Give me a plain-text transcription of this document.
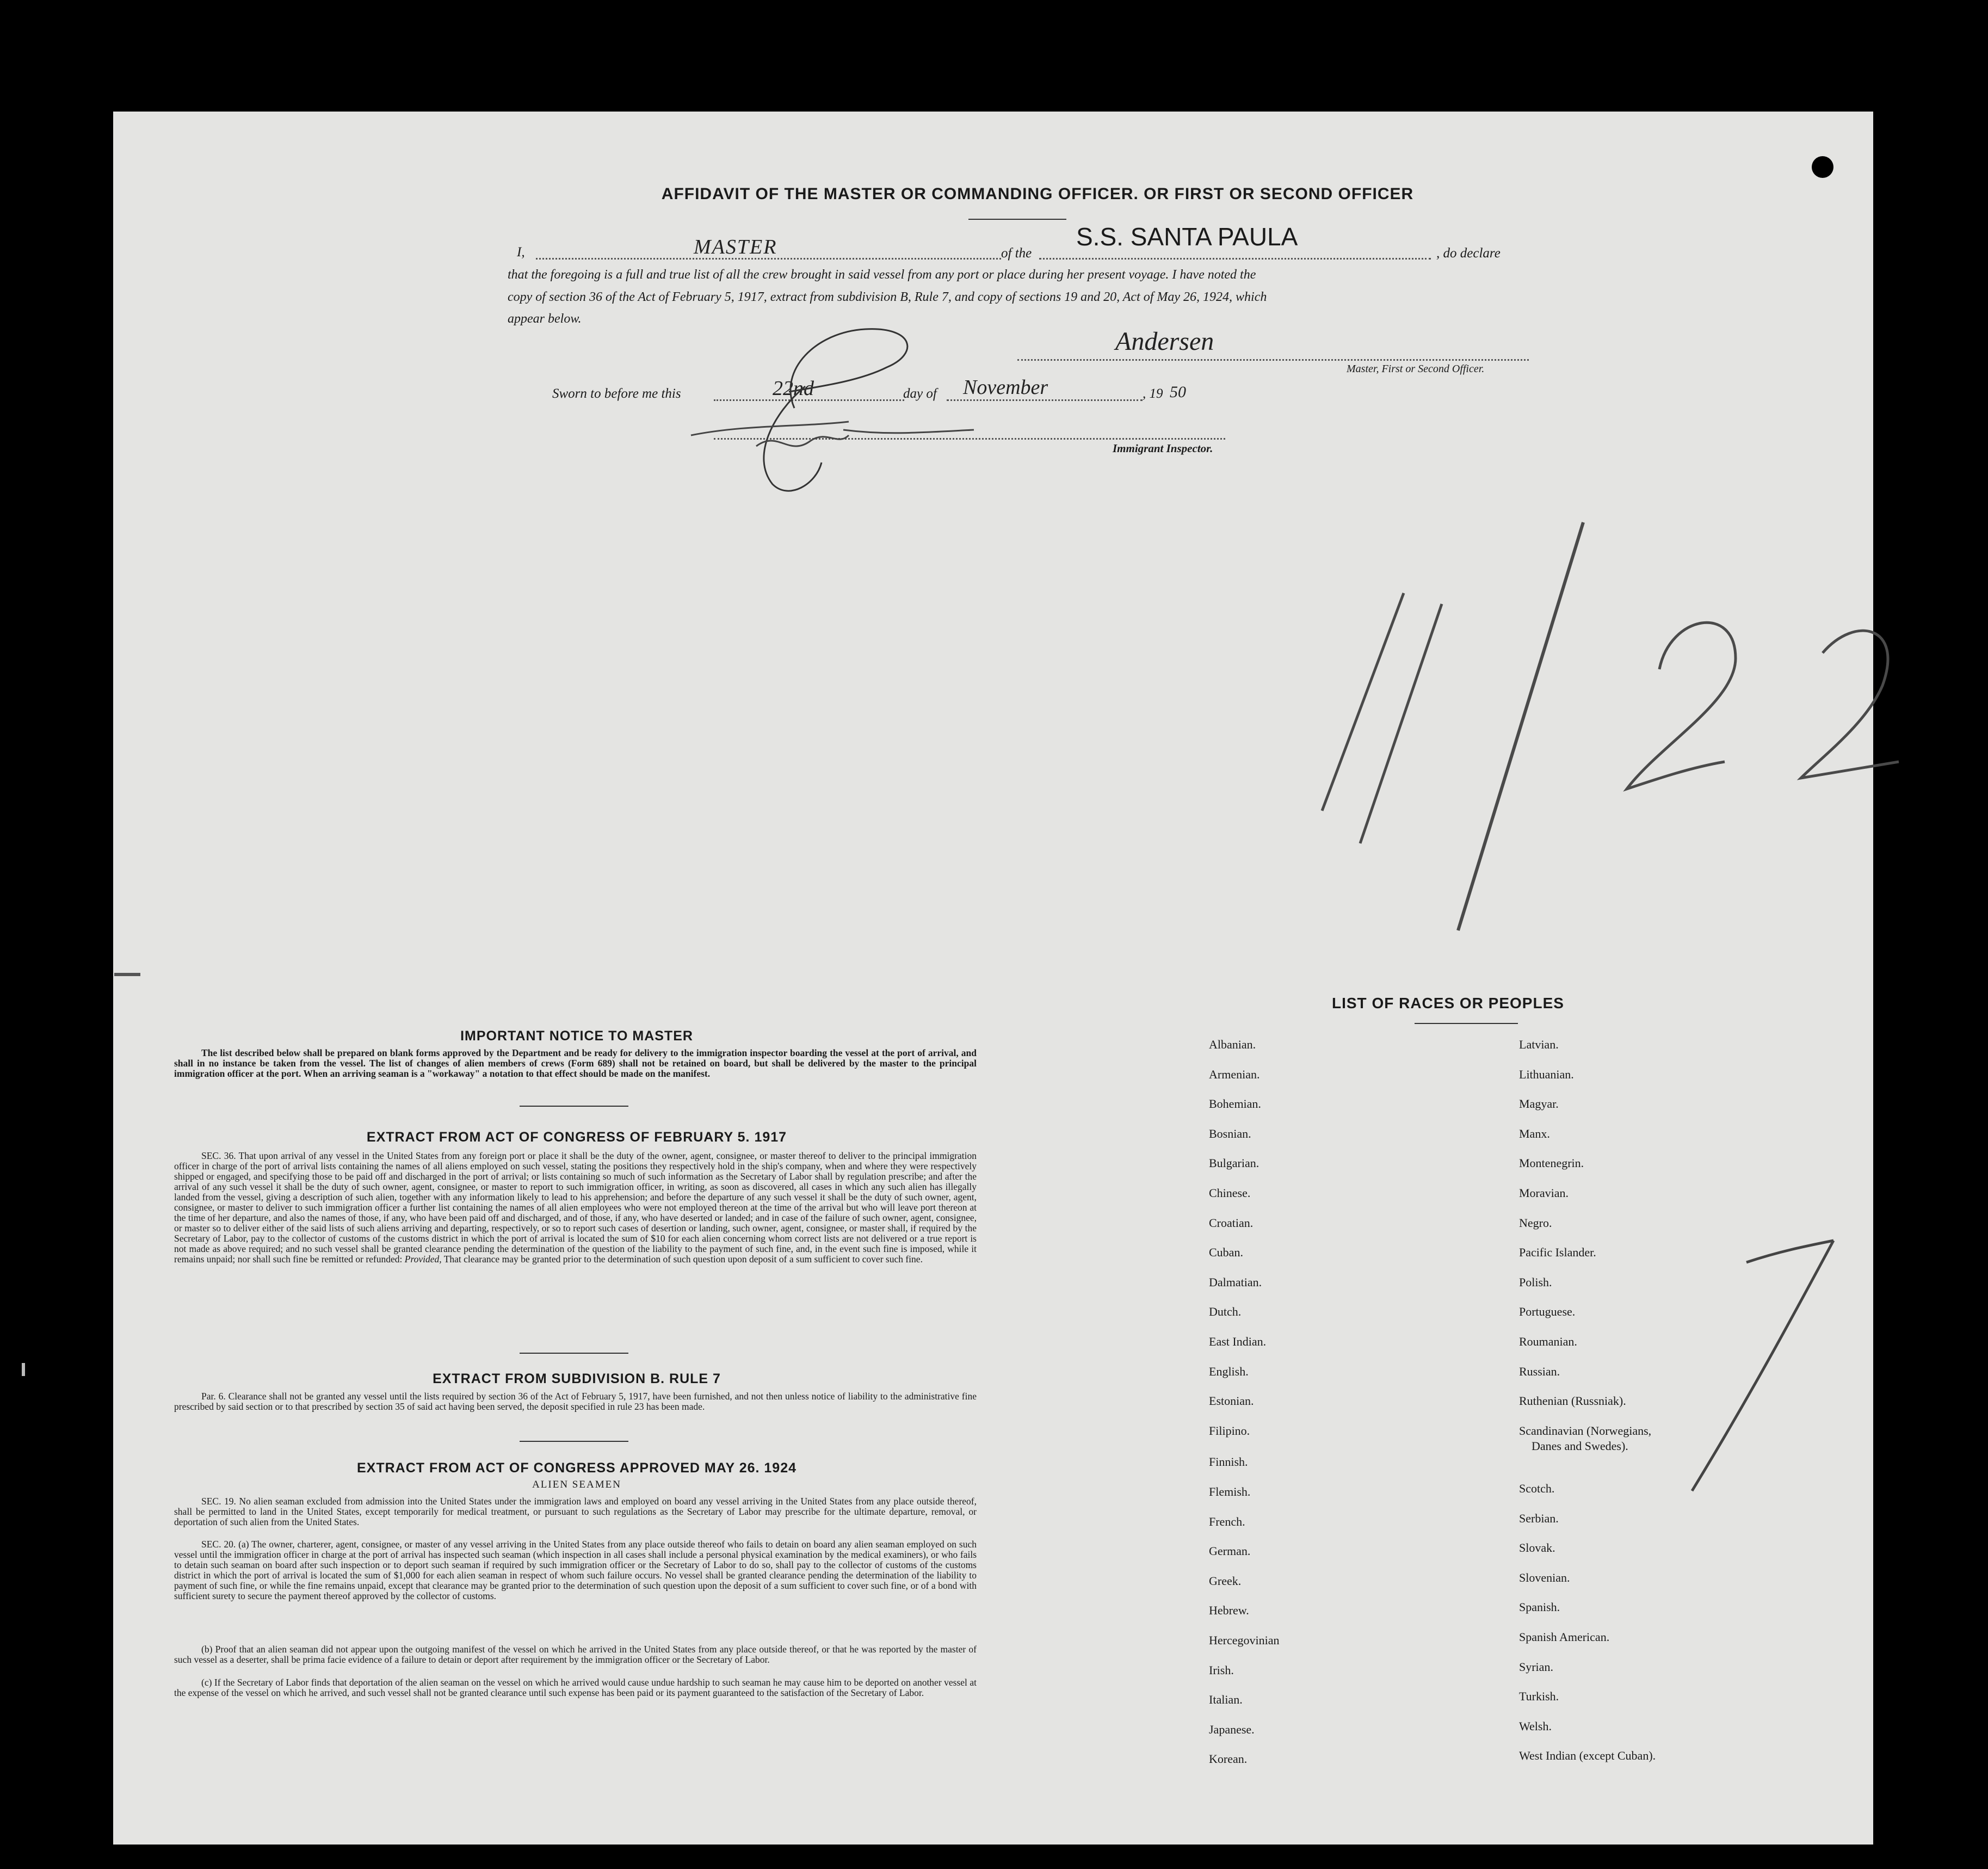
AFFIDAVIT OF THE MASTER OR COMMANDING OFFICER. OR FIRST OR SECOND OFFICER
I,	MASTER	of the
S.S. SANTA PAULA
, do declare
that the foregoing is a full and true list of all the crew brought in said vessel from any port or place during her present voyage. I have noted the
copy of section 36 of the Act of February 5, 1917, extract from subdivision B, Rule 7, and copy of sections 19 and 20, Act of May 26, 1924, which
appear below.
Andersen
Master, First or Second Officer.
Sworn to before me this	22nd	day of November	, 19 50
Immigrant Inspector.
IMPORTANT NOTICE TO MASTER
The list described below shall be prepared on blank forms approved by the Department and be ready for delivery to the immigration inspector boarding the vessel at the port of arrival, and shall in no instance be taken from the vessel. The list of changes of alien members of crews (Form 689) shall not be retained on board, but shall be delivered by the master to the principal immigration officer at the port. When an arriving seaman is a "workaway" a notation to that effect should be made on the manifest.
EXTRACT FROM ACT OF CONGRESS OF FEBRUARY 5. 1917
SEC. 36. That upon arrival of any vessel in the United States from any foreign port or place it shall be the duty of the owner, agent, consignee, or master thereof to deliver to the principal immigration officer in charge of the port of arrival lists containing the names of all aliens employed on such vessel, stating the positions they respectively hold in the ship's company, when and where they were respectively shipped or engaged, and specifying those to be paid off and discharged in the port of arrival; or lists containing so much of such information as the Secretary of Labor shall by regulation prescribe; and after the arrival of any such vessel it shall be the duty of such owner, agent, consignee, or master to report to such immigration officer, in writing, as soon as discovered, all cases in which any such alien has illegally landed from the vessel, giving a description of such alien, together with any information likely to lead to his apprehension; and before the departure of any such vessel it shall be the duty of such owner, agent, consignee, or master to deliver to such immigration officer a further list containing the names of all alien employees who were not employed thereon at the time of the arrival but who will leave port thereon at the time of her departure, and also the names of those, if any, who have been paid off and discharged, and of those, if any, who have deserted or landed; and in case of the failure of such owner, agent, consignee, or master so to deliver either of the said lists of such aliens arriving and departing, respectively, or so to report such cases of desertion or landing, such owner, agent, consignee, or master shall, if required by the Secretary of Labor, pay to the collector of customs of the customs district in which the port of arrival is located the sum of $10 for each alien concerning whom correct lists are not delivered or a true report is not made as above required; and no such vessel shall be granted clearance pending the determination of the question of the liability to the payment of such fine, and, in the event such fine is imposed, while it remains unpaid; nor shall such fine be remitted or refunded: Provided, That clearance may be granted prior to the determination of such question upon deposit of a sum sufficient to cover such fine.
EXTRACT FROM SUBDIVISION B. RULE 7
Par. 6. Clearance shall not be granted any vessel until the lists required by section 36 of the Act of February 5, 1917, have been furnished, and not then unless notice of liability to the administrative fine prescribed by said section or to that prescribed by section 35 of said act having been served, the deposit specified in rule 23 has been made.
EXTRACT FROM ACT OF CONGRESS APPROVED MAY 26. 1924
ALIEN SEAMEN
SEC. 19. No alien seaman excluded from admission into the United States under the immigration laws and employed on board any vessel arriving in the United States from any place outside thereof, shall be permitted to land in the United States, except temporarily for medical treatment, or pursuant to such regulations as the Secretary of Labor may prescribe for the ultimate departure, removal, or deportation of such alien from the United States.
SEC. 20. (a) The owner, charterer, agent, consignee, or master of any vessel arriving in the United States from any place outside thereof who fails to detain on board any alien seaman employed on such vessel until the immigration officer in charge at the port of arrival has inspected such seaman (which inspection in all cases shall include a personal physical examination by the medical examiners), or who fails to detain such seaman on board after such inspection or to deport such seaman if required by such immigration officer or the Secretary of Labor to do so, shall pay to the collector of customs of the customs district in which the port of arrival is located the sum of $1,000 for each alien seaman in respect of whom such failure occurs. No vessel shall be granted clearance pending the determination of the liability to payment of such fine, or while the fine remains unpaid, except that clearance may be granted prior to the determination of such question upon the deposit of a sum sufficient to cover such fine, or of a bond with sufficient surety to secure the payment thereof approved by the collector of customs.
(b) Proof that an alien seaman did not appear upon the outgoing manifest of the vessel on which he arrived in the United States from any place outside thereof, or that he was reported by the master of such vessel as a deserter, shall be prima facie evidence of a failure to detain or deport after requirement by the immigration officer or the Secretary of Labor.
(c) If the Secretary of Labor finds that deportation of the alien seaman on the vessel on which he arrived would cause undue hardship to such seaman he may cause him to be deported on another vessel at the expense of the vessel on which he arrived, and such vessel shall not be granted clearance until such expense has been paid or its payment guaranteed to the satisfaction of the Secretary of Labor.
LIST OF RACES OR PEOPLES
Albanian.
Armenian.
Bohemian.
Bosnian.
Bulgarian.
Chinese.
Croatian.
Cuban.
Dalmatian.
Dutch.
East Indian.
English.
Estonian.
Filipino.
Finnish.
Flemish.
French.
German.
Greek.
Hebrew.
Hercegovinian
Irish.
Italian.
Japanese.
Korean.
Latvian.
Lithuanian.
Magyar.
Manx.
Montenegrin.
Moravian.
Negro.
Pacific Islander.
Polish.
Portuguese.
Roumanian.
Russian.
Ruthenian (Russniak).
Scandinavian (Norwegians,
Scotch.
Serbian.
Slovak.
Slovenian.
Spanish.
Spanish American.
Syrian.
Turkish.
Welsh.
West Indian (except Cuban).
Danes and Swedes).
